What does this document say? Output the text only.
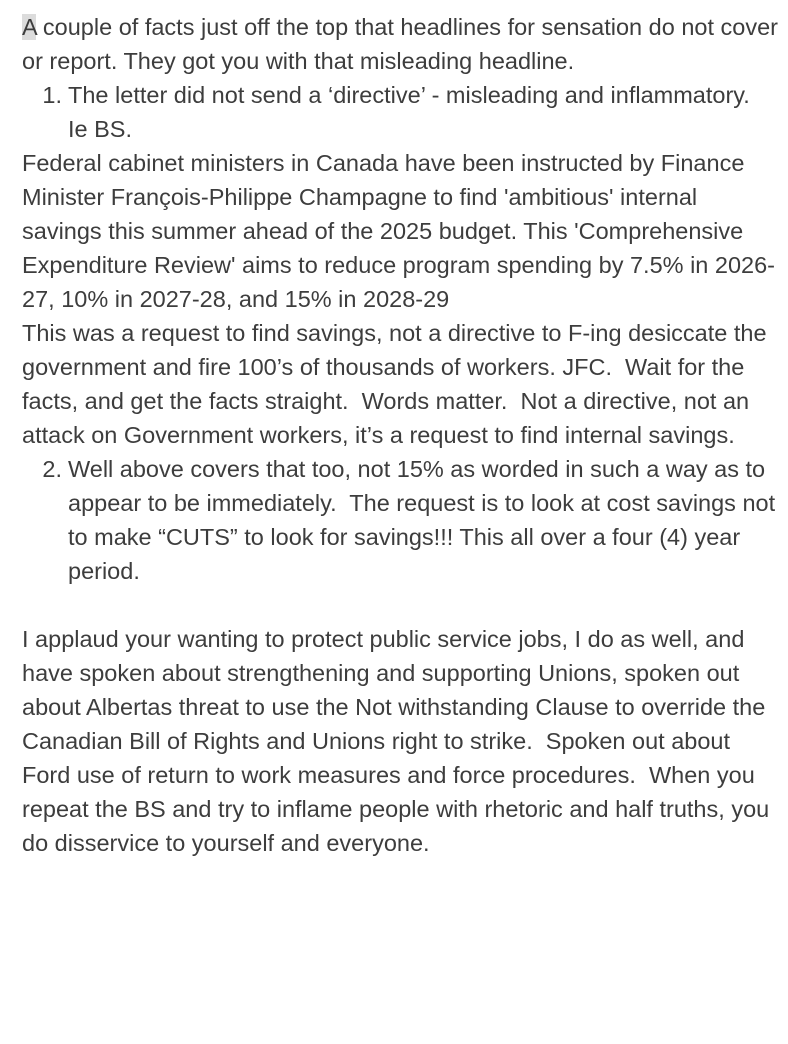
A couple of facts just off the top that headlines for sensation do not cover or report. They got you with that misleading headline.

1. The letter did not send a ‘directive’ - misleading and inflammatory.  Ie BS.

Federal cabinet ministers in Canada have been instructed by Finance Minister François-Philippe Champagne to find 'ambitious' internal savings this summer ahead of the 2025 budget. This 'Comprehensive Expenditure Review' aims to reduce program spending by 7.5% in 2026-27, 10% in 2027-28, and 15% in 2028-29

This was a request to find savings, not a directive to F-ing desiccate the government and fire 100’s of thousands of workers. JFC.  Wait for the facts, and get the facts straight.  Words matter.  Not a directive, not an attack on Government workers, it’s a request to find internal savings.

2. Well above covers that too, not 15% as worded in such a way as to appear to be immediately.  The request is to look at cost savings not to make “CUTS” to look for savings!!! This all over a four (4) year period.

I applaud your wanting to protect public service jobs, I do as well, and have spoken about strengthening and supporting Unions, spoken out about Albertas threat to use the Not withstanding Clause to override the Canadian Bill of Rights and Unions right to strike.  Spoken out about Ford use of return to work measures and force procedures.  When you repeat the BS and try to inflame people with rhetoric and half truths, you do disservice to yourself and everyone.
